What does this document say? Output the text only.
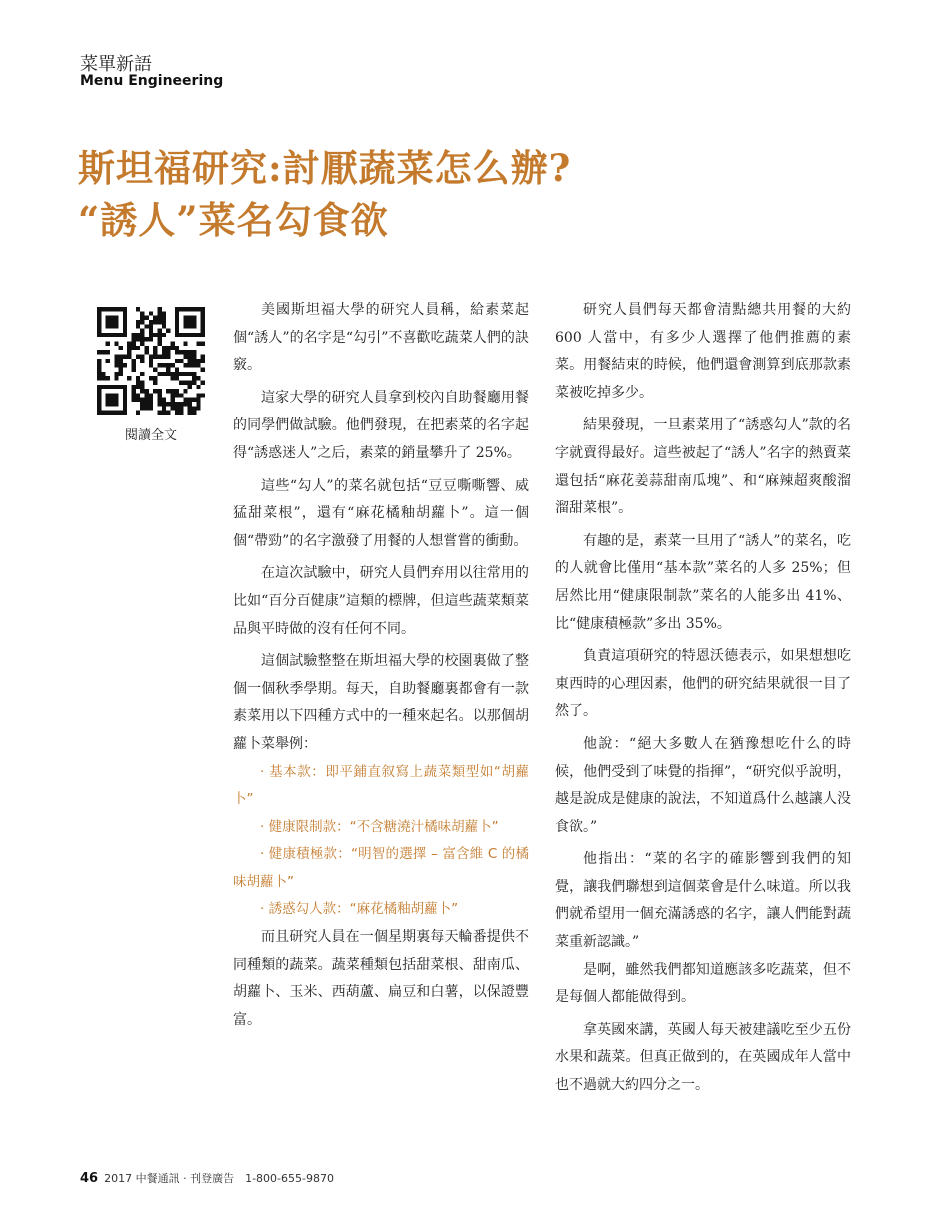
菜單新語
Menu Engineering
斯坦福研究:討厭蔬菜怎么辦?
“誘人”菜名勾食欲
閱讀全文

美國斯坦福大學的研究人員稱，給素菜起個“誘人”的名字是“勾引”不喜歡吃蔬菜人們的訣竅。

這家大學的研究人員拿到校內自助餐廳用餐的同學們做試驗。他們發現，在把素菜的名字起得“誘惑迷人”之后，素菜的銷量攀升了 25%。

這些“勾人”的菜名就包括“豆豆嘶嘶響、威猛甜菜根”，還有“麻花橘釉胡蘿卜”。這一個個“帶勁”的名字激發了用餐的人想嘗嘗的衝動。

在這次試驗中，研究人員們弃用以往常用的比如“百分百健康”這類的標牌，但這些蔬菜類菜品與平時做的沒有任何不同。

這個試驗整整在斯坦福大學的校園裏做了整個一個秋季學期。每天，自助餐廳裏都會有一款素菜用以下四種方式中的一種來起名。以那個胡蘿卜菜舉例：

· 基本款：即平鋪直叙寫上蔬菜類型如“胡蘿卜”

· 健康限制款：“不含糖澆汁橘味胡蘿卜”

· 健康積極款：“明智的選擇 – 富含維 C 的橘味胡蘿卜”

· 誘惑勾人款：“麻花橘釉胡蘿卜”

而且研究人員在一個星期裏每天輪番提供不同種類的蔬菜。蔬菜種類包括甜菜根、甜南瓜、胡蘿卜、玉米、西葫蘆、扁豆和白薯，以保證豐富。

研究人員們每天都會清點總共用餐的大約 600 人當中，有多少人選擇了他們推薦的素菜。用餐結束的時候，他們還會測算到底那款素菜被吃掉多少。

結果發現，一旦素菜用了“誘惑勾人”款的名字就賣得最好。這些被起了“誘人”名字的熱賣菜還包括“麻花姜蒜甜南瓜塊”、和“麻辣超爽酸溜溜甜菜根”。

有趣的是，素菜一旦用了“誘人”的菜名，吃的人就會比僅用“基本款”菜名的人多 25%；但居然比用“健康限制款”菜名的人能多出 41%、比“健康積極款”多出 35%。

負責這項研究的特恩沃德表示，如果想想吃東西時的心理因素，他們的研究結果就很一目了然了。

他說：“絕大多數人在猶豫想吃什么的時候，他們受到了味覺的指揮”，“研究似乎說明，越是說成是健康的說法，不知道爲什么越讓人没食欲。”

他指出：“菜的名字的確影響到我們的知覺，讓我們聯想到這個菜會是什么味道。所以我們就希望用一個充滿誘惑的名字，讓人們能對蔬菜重新認識。”

是啊，雖然我們都知道應該多吃蔬菜，但不是每個人都能做得到。

拿英國來講，英國人每天被建議吃至少五份水果和蔬菜。但真正做到的，在英國成年人當中也不過就大約四分之一。

46 2017 中餐通訊 · 刊登廣告　1-800-655-9870
